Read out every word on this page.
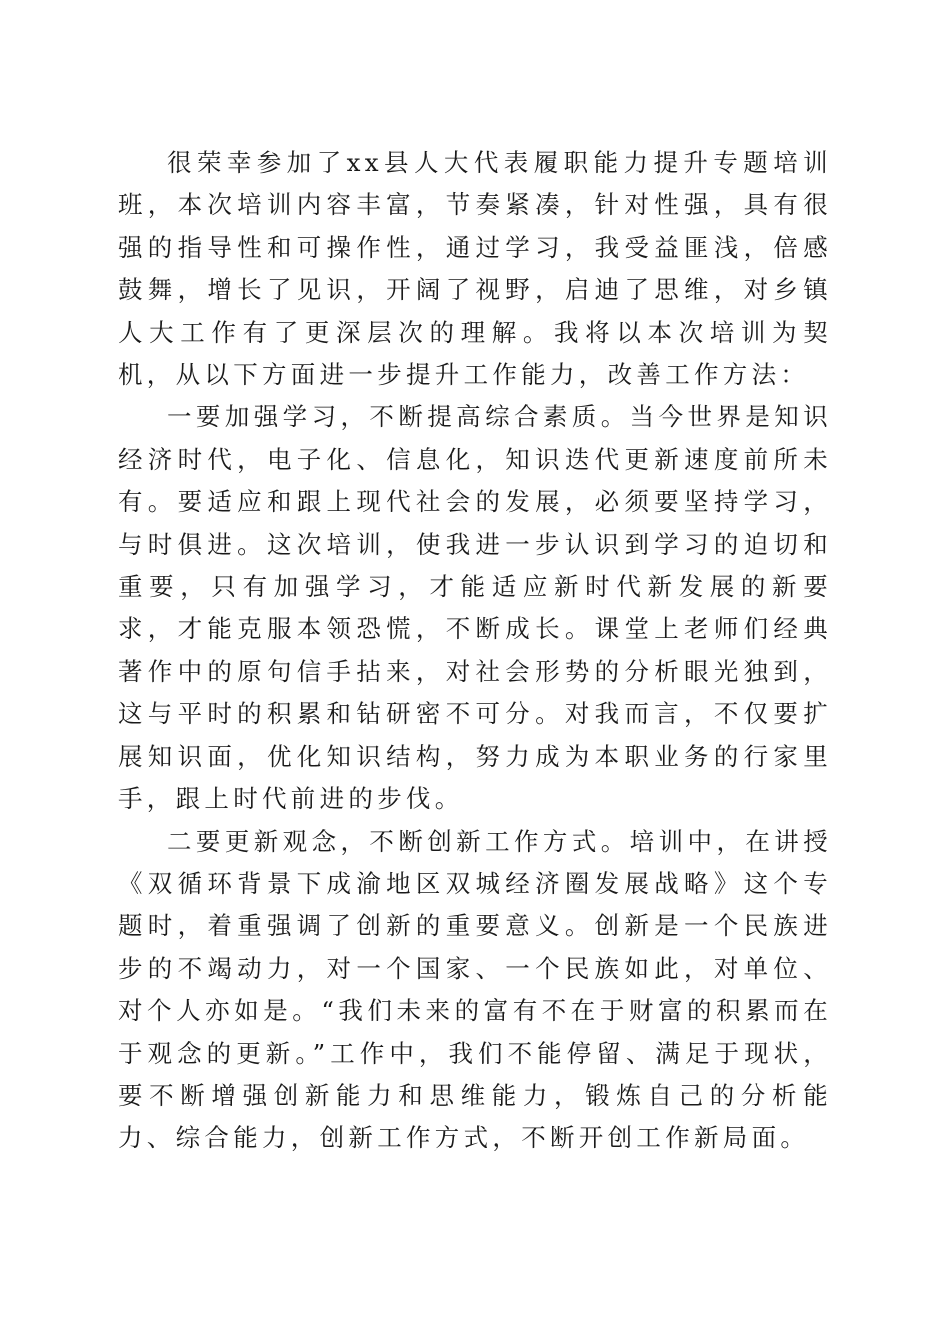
很荣幸参加了xx县人大代表履职能力提升专题培训班，本次培训内容丰富，节奏紧凑，针对性强，具有很强的指导性和可操作性，通过学习，我受益匪浅，倍感鼓舞，增长了见识，开阔了视野，启迪了思维，对乡镇人大工作有了更深层次的理解。我将以本次培训为契机，从以下方面进一步提升工作能力，改善工作方法：

一要加强学习，不断提高综合素质。当今世界是知识经济时代，电子化、信息化，知识迭代更新速度前所未有。要适应和跟上现代社会的发展，必须要坚持学习，与时俱进。这次培训，使我进一步认识到学习的迫切和重要，只有加强学习，才能适应新时代新发展的新要求，才能克服本领恐慌，不断成长。课堂上老师们经典著作中的原句信手拈来，对社会形势的分析眼光独到，这与平时的积累和钻研密不可分。对我而言，不仅要扩展知识面，优化知识结构，努力成为本职业务的行家里手，跟上时代前进的步伐。

二要更新观念，不断创新工作方式。培训中，在讲授《双循环背景下成渝地区双城经济圈发展战略》这个专题时，着重强调了创新的重要意义。创新是一个民族进步的不竭动力，对一个国家、一个民族如此，对单位、对个人亦如是。“我们未来的富有不在于财富的积累而在于观念的更新。”工作中，我们不能停留、满足于现状，要不断增强创新能力和思维能力，锻炼自己的分析能力、综合能力，创新工作方式，不断开创工作新局面。
